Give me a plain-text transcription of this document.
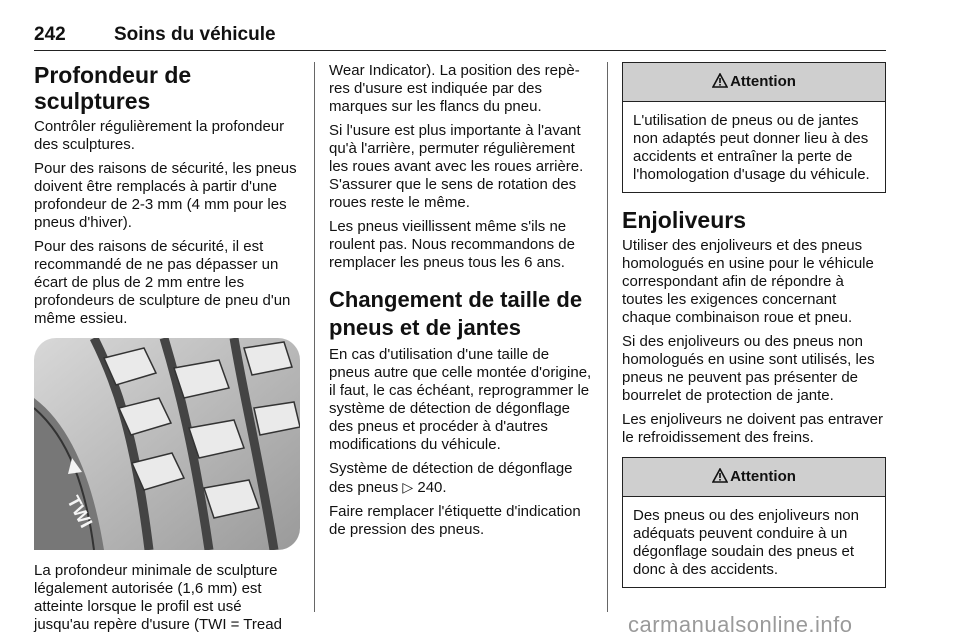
242	Soins du véhicule
Profondeur de sculptures

Contrôler régulièrement la profondeur des sculptures.

Pour des raisons de sécurité, les pneus doivent être remplacés à partir d'une profondeur de 2-3 mm (4 mm pour les pneus d'hiver).

Pour des raisons de sécurité, il est recommandé de ne pas dépasser un écart de plus de 2 mm entre les profondeurs de sculpture de pneu d'un même essieu.

TWI

La profondeur minimale de sculpture légalement autorisée (1,6 mm) est atteinte lorsque le profil est usé jusqu'au repère d'usure (TWI = Tread

Wear Indicator). La position des repères d'usure est indiquée par des marques sur les flancs du pneu.

Si l'usure est plus importante à l'avant qu'à l'arrière, permuter régulièrement les roues avant avec les roues arrière. S'assurer que le sens de rotation des roues reste le même.

Les pneus vieillissent même s'ils ne roulent pas. Nous recommandons de remplacer les pneus tous les 6 ans.

Changement de taille de pneus et de jantes

En cas d'utilisation d'une taille de pneus autre que celle montée d'origine, il faut, le cas échéant, reprogrammer le système de détection de dégonflage des pneus et procéder à d'autres modifications du véhicule.

Système de détection de dégonflage des pneus ▷ 240.

Faire remplacer l'étiquette d'indication de pression des pneus.

Attention

L'utilisation de pneus ou de jantes non adaptés peut donner lieu à des accidents et entraîner la perte de l'homologation d'usage du véhicule.

Enjoliveurs

Utiliser des enjoliveurs et des pneus homologués en usine pour le véhicule correspondant afin de répondre à toutes les exigences concernant chaque combinaison roue et pneu.

Si des enjoliveurs ou des pneus non homologués en usine sont utilisés, les pneus ne peuvent pas présenter de bourrelet de protection de jante.

Les enjoliveurs ne doivent pas entraver le refroidissement des freins.

Attention

Des pneus ou des enjoliveurs non adéquats peuvent conduire à un dégonflage soudain des pneus et donc à des accidents.

carmanualsonline.info
